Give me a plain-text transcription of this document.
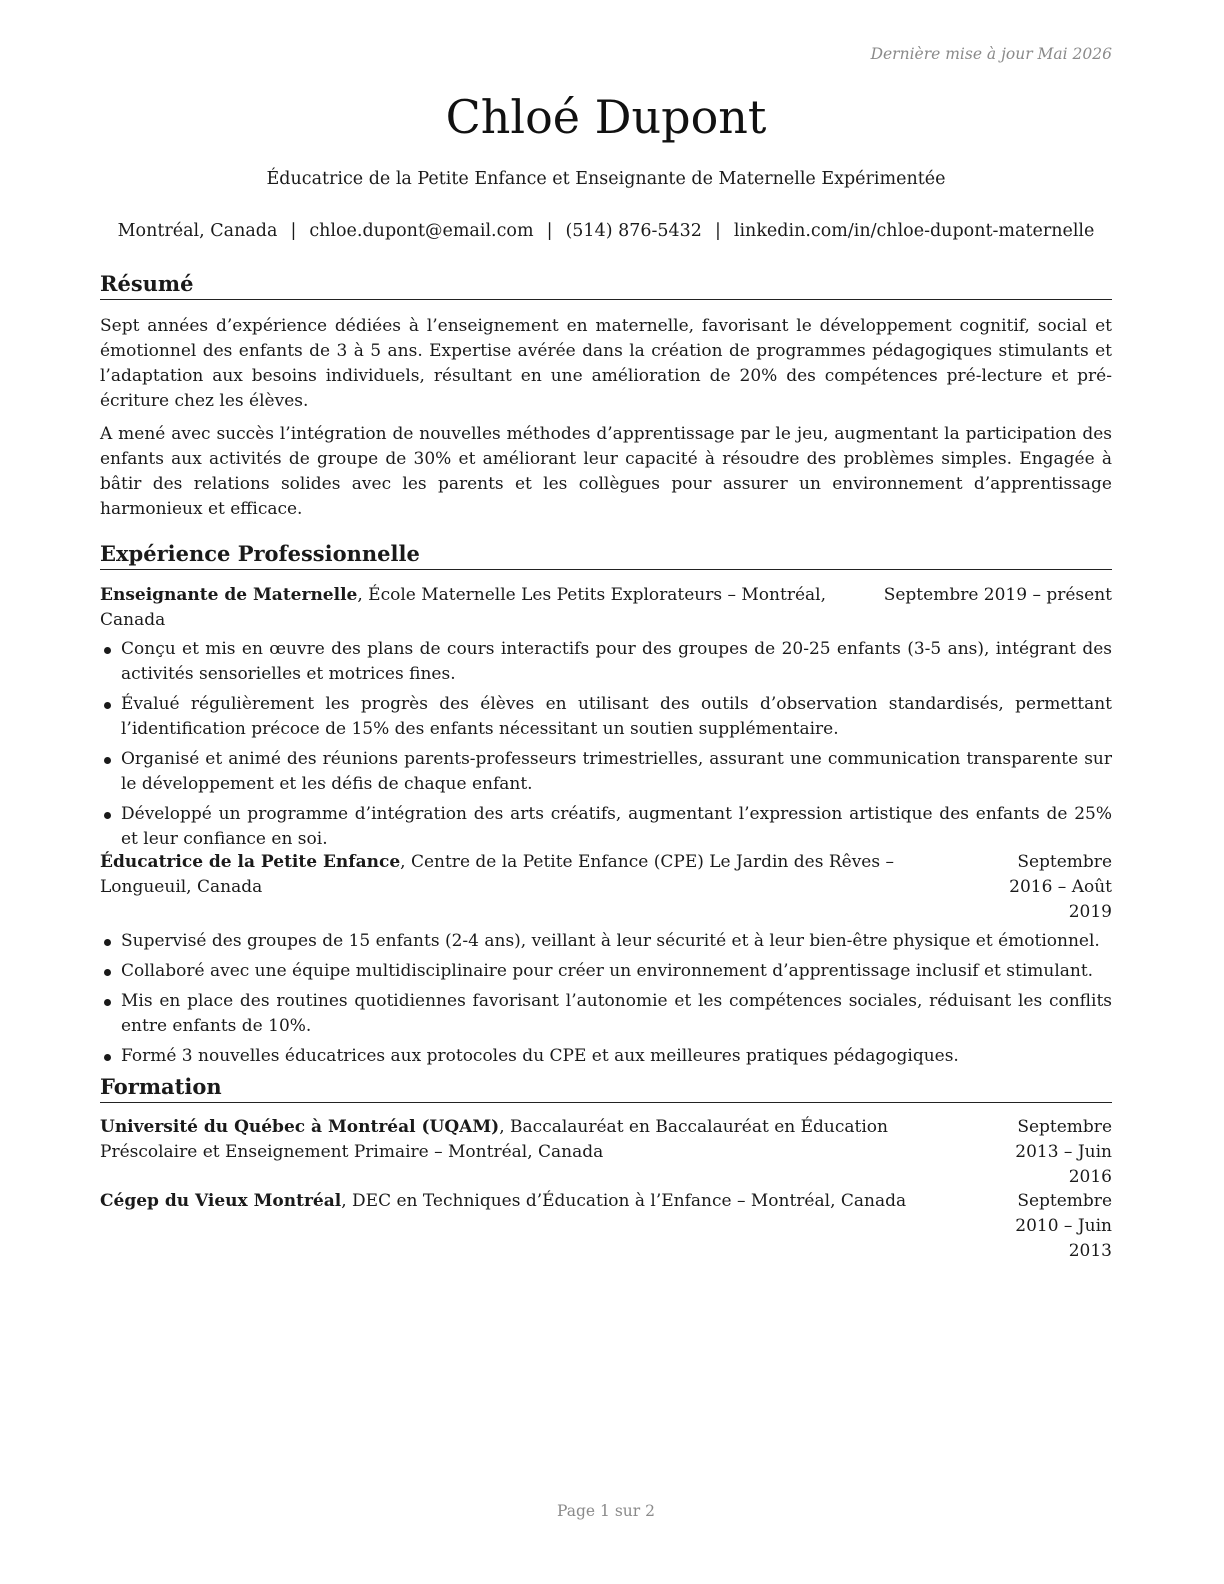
Dernière mise à jour Mai 2026
Chloé Dupont
Éducatrice de la Petite Enfance et Enseignante de Maternelle Expérimentée
Montréal, Canada | chloe.dupont@email.com | (514) 876-5432 | linkedin.com/in/chloe-dupont-maternelle
Résumé

Sept années d’expérience dédiées à l’enseignement en maternelle, favorisant le développement cognitif, social et émotionnel des enfants de 3 à 5 ans. Expertise avérée dans la création de programmes pédagogiques stimulants et l’adaptation aux besoins individuels, résultant en une amélioration de 20% des compétences pré-lecture et pré-écriture chez les élèves.

A mené avec succès l’intégration de nouvelles méthodes d’apprentissage par le jeu, augmentant la participation des enfants aux activités de groupe de 30% et améliorant leur capacité à résoudre des problèmes simples. Engagée à bâtir des relations solides avec les parents et les collègues pour assurer un environnement d’apprentissage harmonieux et efficace.

Expérience Professionnelle
Enseignante de Maternelle, École Maternelle Les Petits Explorateurs – Montréal, Canada
Septembre 2019 – présent
Conçu et mis en œuvre des plans de cours interactifs pour des groupes de 20-25 enfants (3-5 ans), intégrant des activités sensorielles et motrices fines.
Évalué régulièrement les progrès des élèves en utilisant des outils d’observation standardisés, permettant l’identification précoce de 15% des enfants nécessitant un soutien supplémentaire.
Organisé et animé des réunions parents-professeurs trimestrielles, assurant une communication transparente sur le développement et les défis de chaque enfant.
Développé un programme d’intégration des arts créatifs, augmentant l’expression artistique des enfants de 25% et leur confiance en soi.
Éducatrice de la Petite Enfance, Centre de la Petite Enfance (CPE) Le Jardin des Rêves – Longueuil, Canada
Septembre 2016 – Août 2019
Supervisé des groupes de 15 enfants (2-4 ans), veillant à leur sécurité et à leur bien-être physique et émotionnel.
Collaboré avec une équipe multidisciplinaire pour créer un environnement d’apprentissage inclusif et stimulant.
Mis en place des routines quotidiennes favorisant l’autonomie et les compétences sociales, réduisant les conflits entre enfants de 10%.
Formé 3 nouvelles éducatrices aux protocoles du CPE et aux meilleures pratiques pédagogiques.
Formation
Université du Québec à Montréal (UQAM), Baccalauréat en Baccalauréat en Éducation Préscolaire et Enseignement Primaire – Montréal, Canada
Septembre 2013 – Juin 2016
Cégep du Vieux Montréal, DEC en Techniques d’Éducation à l’Enfance – Montréal, Canada	Septembre 2010 – Juin 2013
Page 1 sur 2
